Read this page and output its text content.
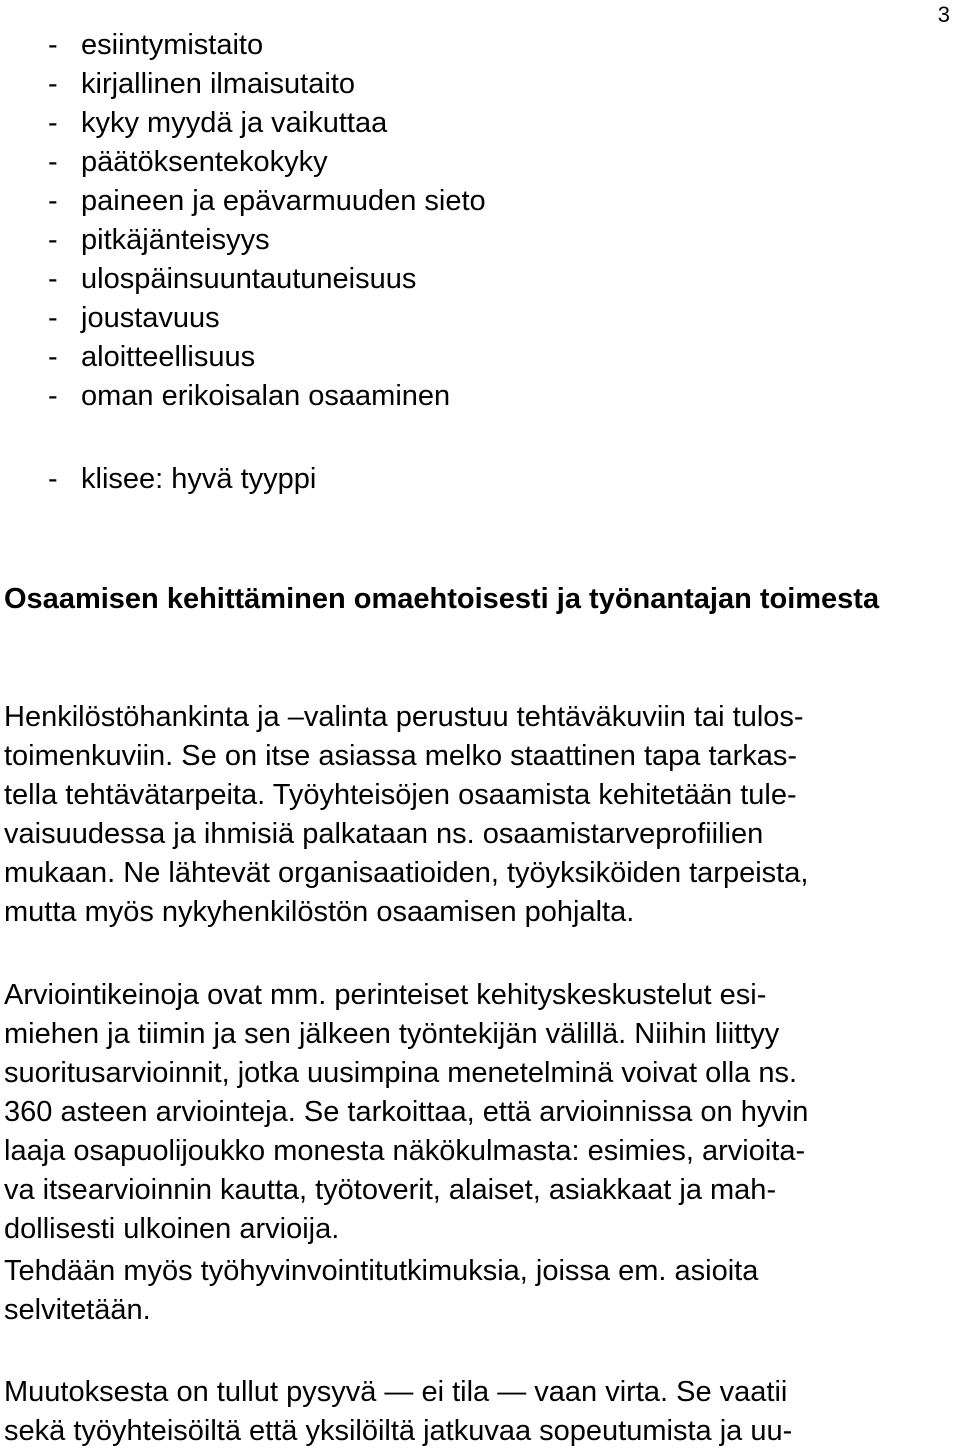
3
- esiintymistaito
- kirjallinen ilmaisutaito
- kyky myydä ja vaikuttaa
- päätöksentekokyky
- paineen ja epävarmuuden sieto
- pitkäjänteisyys
- ulospäinsuuntautuneisuus
- joustavuus
- aloitteellisuus
- oman erikoisalan osaaminen
- klisee: hyvä tyyppi
Osaamisen kehittäminen omaehtoisesti ja työnantajan toimesta
Henkilöstöhankinta ja –valinta perustuu tehtäväkuviin tai tulos-
toimenkuviin. Se on itse asiassa melko staattinen tapa tarkas-
tella tehtävätarpeita. Työyhteisöjen osaamista kehitetään tule-
vaisuudessa ja ihmisiä palkataan ns. osaamistarveprofiilien
mukaan. Ne lähtevät organisaatioiden, työyksiköiden tarpeista,
mutta myös nykyhenkilöstön osaamisen pohjalta.
Arviointikeinoja ovat mm. perinteiset kehityskeskustelut esi-
miehen ja tiimin ja sen jälkeen työntekijän välillä. Niihin liittyy
suoritusarvioinnit, jotka uusimpina menetelminä voivat olla ns.
360 asteen arviointeja. Se tarkoittaa, että arvioinnissa on hyvin
laaja osapuolijoukko monesta näkökulmasta: esimies, arvioita-
va itsearvioinnin kautta, työtoverit, alaiset, asiakkaat ja mah-
dollisesti ulkoinen arvioija.
Tehdään myös työhyvinvointitutkimuksia, joissa em. asioita
selvitetään.
Muutoksesta on tullut pysyvä — ei tila — vaan virta. Se vaatii
sekä työyhteisöiltä että yksilöiltä jatkuvaa sopeutumista ja uu-
